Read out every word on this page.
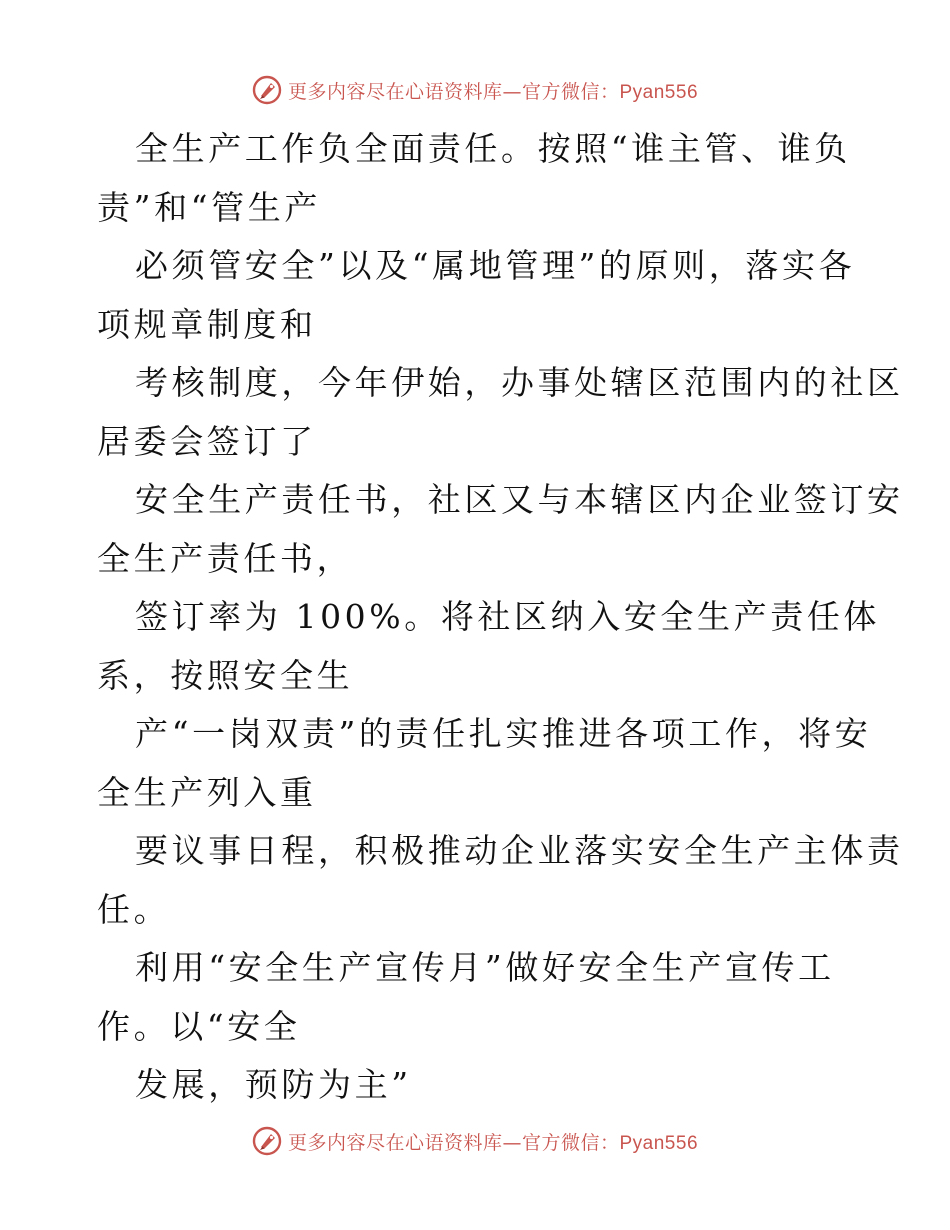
更多内容尽在心语资料库—官方微信：Pyan556
全生产工作负全面责任。按照“谁主管、谁负
责”和“管生产
必须管安全”以及“属地管理”的原则，落实各
项规章制度和
考核制度，今年伊始，办事处辖区范围内的社区
居委会签订了
安全生产责任书，社区又与本辖区内企业签订安
全生产责任书，
签订率为 100%。将社区纳入安全生产责任体
系，按照安全生
产“一岗双责”的责任扎实推进各项工作，将安
全生产列入重
要议事日程，积极推动企业落实安全生产主体责
任。
利用“安全生产宣传月”做好安全生产宣传工
作。以“安全
发展，预防为主”
更多内容尽在心语资料库—官方微信：Pyan556
